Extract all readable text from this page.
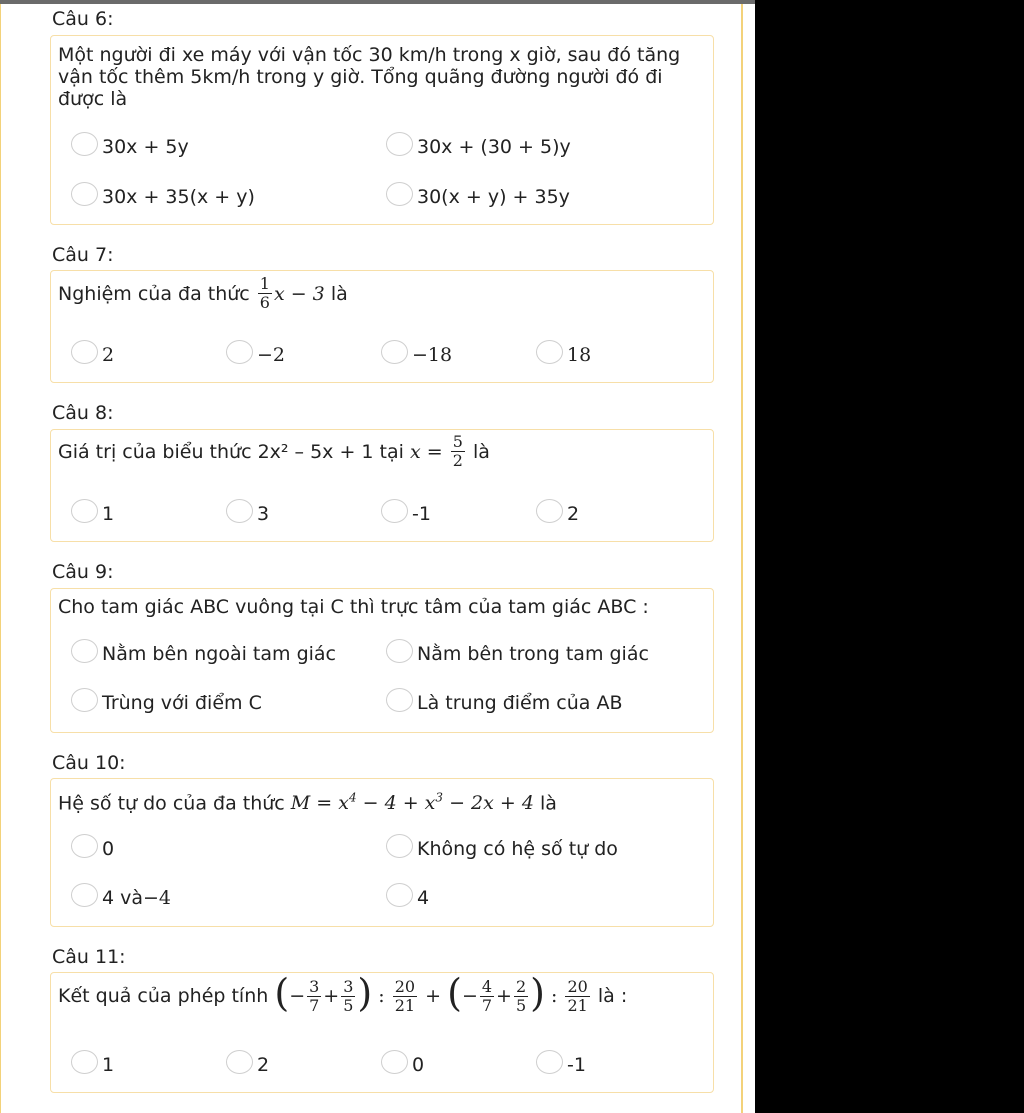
Câu 6:
Một người đi xe máy với vận tốc 30 km/h trong x giờ, sau đó tăng vận tốc thêm 5km/h trong y giờ. Tổng quãng đường người đó đi được là
30x + 5y	30x + (30 + 5)y
30x + 35(x + y)	30(x + y) + 35y
Câu 7:
Nghiệm của đa thức
$\frac{1}{6}$ x − 3
là
2	−2	−18	18
Câu 8:
Giá trị của biểu thức 2x² – 5x + 1 tại
x
=
$\frac{5}{2}$
là
1	3	-1	2
Câu 9:
Cho tam giác ABC vuông tại C thì trực tâm của tam giác ABC :
Nằm bên ngoài tam giác	Nằm bên trong tam giác
Trùng với điểm C	Là trung điểm của AB
Câu 10:
Hệ số tự do của đa thức $M = x^4 - 4 + x^3 - 2x + 4$ là
0	Không có hệ số tự do
4 và−4	4
Câu 11:
Kết quả của phép tính
( − $\frac{3}{7} + \frac{3}{5}$ )
:
$\frac{20}{21}$
+
( − $\frac{4}{7} + \frac{2}{5}$ )
:
$\frac{20}{21}$
là :
1	2	0	-1
